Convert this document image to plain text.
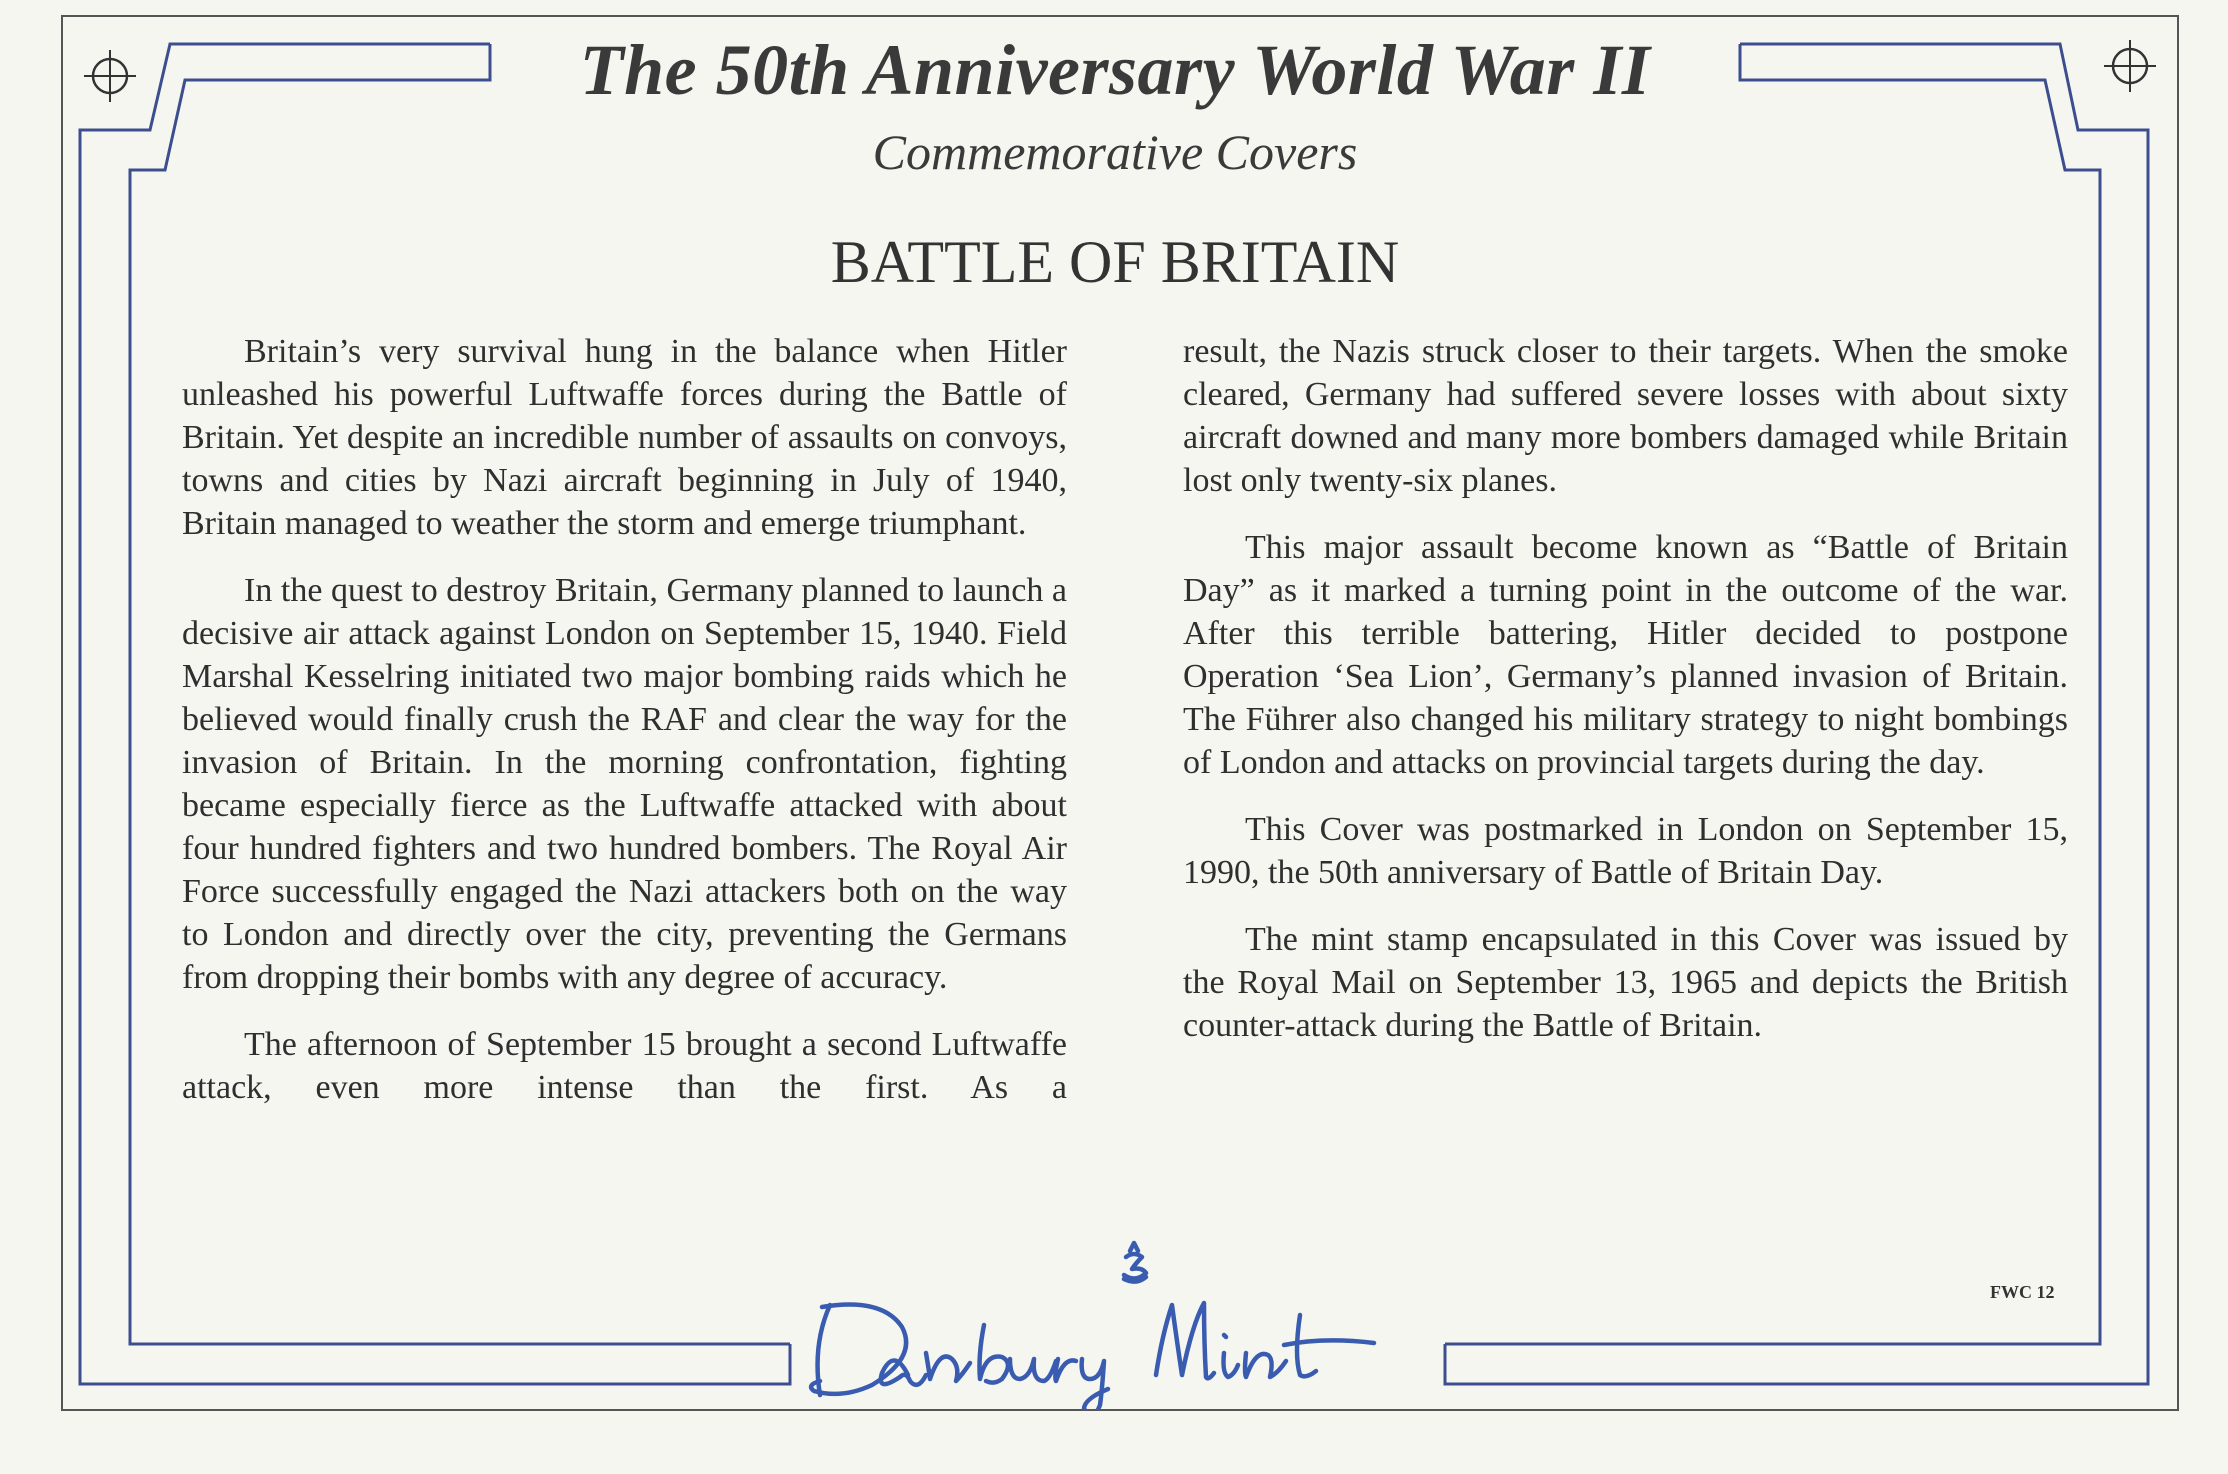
The 50th Anniversary World War II
Commemorative Covers
BATTLE OF BRITAIN

Britain’s very survival hung in the balance when Hitler unleashed his powerful Luftwaffe forces during the Battle of Britain. Yet despite an incredible number of assaults on convoys, towns and cities by Nazi aircraft beginning in July of 1940, Britain managed to weather the storm and emerge triumphant.

In the quest to destroy Britain, Germany planned to launch a decisive air attack against London on September 15, 1940. Field Marshal Kesselring initiated two major bombing raids which he believed would finally crush the RAF and clear the way for the invasion of Britain. In the morning confrontation, fighting became especially fierce as the Luftwaffe attacked with about four hundred fighters and two hundred bombers. The Royal Air Force successfully engaged the Nazi attackers both on the way to London and directly over the city, preventing the Germans from dropping their bombs with any degree of accuracy.

The afternoon of September 15 brought a second Luftwaffe attack, even more intense than the first. As a

result, the Nazis struck closer to their targets. When the smoke cleared, Germany had suffered severe losses with about sixty aircraft downed and many more bombers damaged while Britain lost only twenty-six planes.

This major assault become known as “Battle of Britain Day” as it marked a turning point in the outcome of the war. After this terrible battering, Hitler decided to postpone Operation ‘Sea Lion’, Germany’s planned invasion of Britain. The Führer also changed his military strategy to night bombings of London and attacks on provincial targets during the day.

This Cover was postmarked in London on September 15, 1990, the 50th anniversary of Battle of Britain Day.

The mint stamp encapsulated in this Cover was issued by the Royal Mail on September 13, 1965 and depicts the British counter-attack during the Battle of Britain.

FWC 12
